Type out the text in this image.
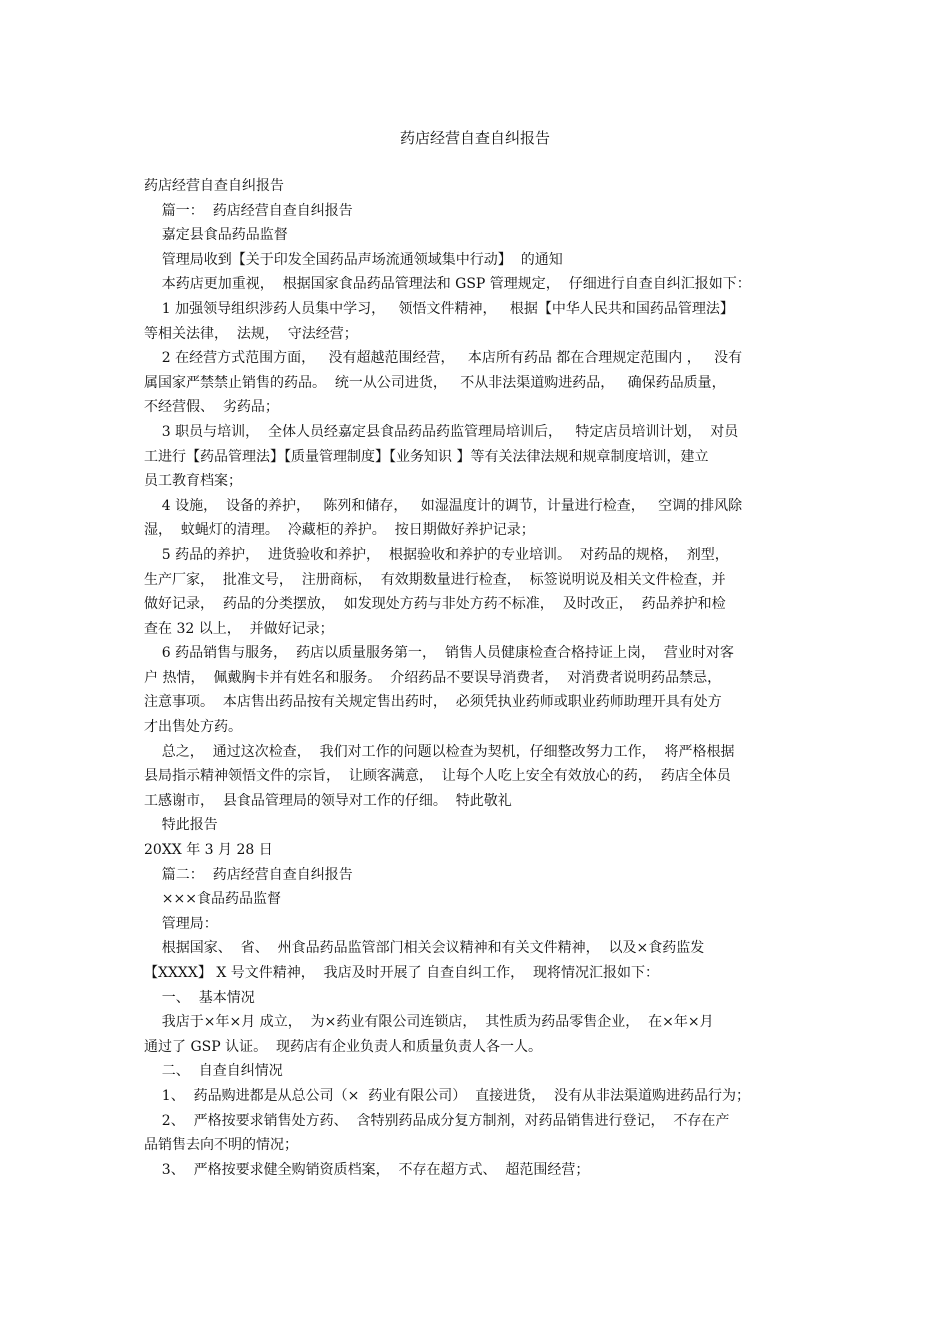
药店经营自查自纠报告
药店经营自查自纠报告
篇一：  药店经营自查自纠报告
嘉定县食品药品监督
管理局收到【关于印发全国药品声场流通领域集中行动】  的通知
本药店更加重视，  根据国家食品药品管理法和 GSP 管理规定，  仔细进行自查自纠汇报如下：
1 加强领导组织涉药人员集中学习，   领悟文件精神，   根据【中华人民共和国药品管理法】
等相关法律，  法规，  守法经营；
2 在经营方式范围方面，   没有超越范围经营，   本店所有药品 都在合理规定范围内 ，   没有
属国家严禁禁止销售的药品。  统一从公司进货，   不从非法渠道购进药品，   确保药品质量，
不经营假、  劣药品；
3 职员与培训，  全体人员经嘉定县食品药品药监管理局培训后，   特定店员培训计划，  对员
工进行【药品管理法】【质量管理制度】【业务知识 】等有关法律法规和规章制度培训，建立
员工教育档案；
4 设施，  设备的养护，   陈列和储存，   如湿温度计的调节，计量进行检查，   空调的排风除
湿，  蚊蝇灯的清理。  冷藏柜的养护。  按日期做好养护记录；
5 药品的养护，  进货验收和养护，  根据验收和养护的专业培训。  对药品的规格，  剂型，
生产厂家，  批准文号，  注册商标，  有效期数量进行检查，  标签说明说及相关文件检查，并
做好记录，  药品的分类摆放，  如发现处方药与非处方药不标准，  及时改正，  药品养护和检
查在 32 以上，  并做好记录；
6 药品销售与服务，  药店以质量服务第一，  销售人员健康检查合格持证上岗，  营业时对客
户 热情，  佩戴胸卡并有姓名和服务。  介绍药品不要误导消费者，  对消费者说明药品禁忌，
注意事项。  本店售出药品按有关规定售出药时，  必须凭执业药师或职业药师助理开具有处方
才出售处方药。
总之，  通过这次检查，  我们对工作的问题以检查为契机，仔细整改努力工作，  将严格根据
县局指示精神领悟文件的宗旨，  让顾客满意，  让每个人吃上安全有效放心的药，  药店全体员
工感谢市，  县食品管理局的领导对工作的仔细。  特此敬礼
特此报告
20XX 年 3 月 28 日
篇二：  药店经营自查自纠报告
×××食品药品监督
管理局：
根据国家、  省、  州食品药品监管部门相关会议精神和有关文件精神，  以及×食药监发
【XXXX】 X 号文件精神，  我店及时开展了 自查自纠工作，  现将情况汇报如下：
一、  基本情况
我店于×年×月 成立，  为×药业有限公司连锁店，  其性质为药品零售企业，  在×年×月
通过了 GSP 认证。  现药店有企业负责人和质量负责人各一人。
二、  自查自纠情况
1、  药品购进都是从总公司（×  药业有限公司）  直接进货，  没有从非法渠道购进药品行为；
2、  严格按要求销售处方药、  含特别药品成分复方制剂，对药品销售进行登记，  不存在产
品销售去向不明的情况；
3、  严格按要求健全购销资质档案，  不存在超方式、  超范围经营；
